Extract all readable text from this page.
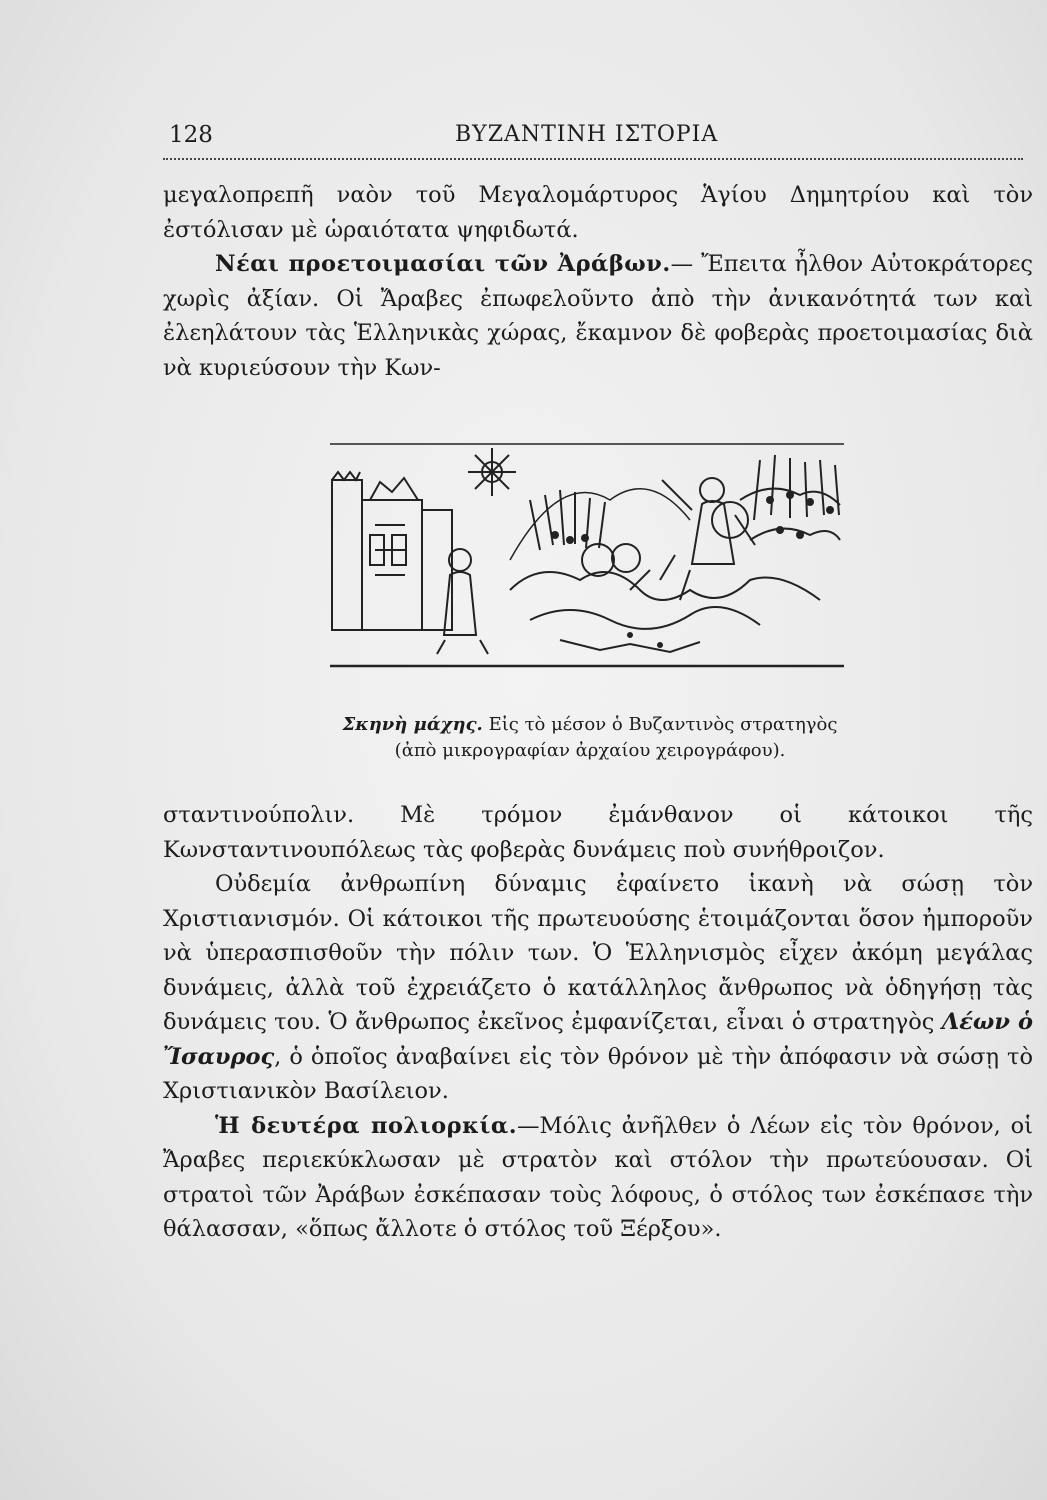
128	ΒΥΖΑΝΤΙΝΗ ΙΣΤΟΡΙΑ

μεγαλοπρεπῆ ναὸν τοῦ Μεγαλομάρτυρος Ἁγίου Δημητρίου καὶ τὸν ἐστόλισαν μὲ ὡραιότατα ψηφιδωτά.

Νέαι προετοιμασίαι τῶν Ἀράβων.— Ἔπειτα ἦλθον Αὐτοκράτορες χωρὶς ἀξίαν. Οἱ Ἄραβες ἐπωφελοῦντο ἀπὸ τὴν ἀνικανότητά των καὶ ἐλεηλάτουν τὰς Ἑλληνικὰς χώρας, ἔκαμνον δὲ φοβερὰς προετοιμασίας διὰ νὰ κυριεύσουν τὴν Κων-

Σκηνὴ μάχης. Εἰς τὸ μέσον ὁ Βυζαντινὸς στρατηγὸς
(ἀπὸ μικρογραφίαν ἀρχαίου χειρογράφου).

σταντινούπολιν. Μὲ τρόμον ἐμάνθανον οἱ κάτοικοι τῆς Κωνσταντινουπόλεως τὰς φοβερὰς δυνάμεις ποὺ συνήθροιζον.

Οὐδεμία ἀνθρωπίνη δύναμις ἐφαίνετο ἱκανὴ νὰ σώσῃ τὸν Χριστιανισμόν. Οἱ κάτοικοι τῆς πρωτευούσης ἑτοιμάζονται ὅσον ἠμποροῦν νὰ ὑπερασπισθοῦν τὴν πόλιν των. Ὁ Ἑλληνισμὸς εἶχεν ἀκόμη μεγάλας δυνάμεις, ἀλλὰ τοῦ ἐχρειάζετο ὁ κατάλληλος ἄνθρωπος νὰ ὁδηγήσῃ τὰς δυνάμεις του. Ὁ ἄνθρωπος ἐκεῖνος ἐμφανίζεται, εἶναι ὁ στρατηγὸς Λέων ὁ Ἴσαυρος, ὁ ὁποῖος ἀναβαίνει εἰς τὸν θρόνον μὲ τὴν ἀπόφασιν νὰ σώσῃ τὸ Χριστιανικὸν Βασίλειον.

Ἡ δευτέρα πολιορκία.—Μόλις ἀνῆλθεν ὁ Λέων εἰς τὸν θρόνον, οἱ Ἄραβες περιεκύκλωσαν μὲ στρατὸν καὶ στόλον τὴν πρωτεύουσαν. Οἱ στρατοὶ τῶν Ἀράβων ἐσκέπασαν τοὺς λόφους, ὁ στόλος των ἐσκέπασε τὴν θάλασσαν, «ὅπως ἄλλοτε ὁ στόλος τοῦ Ξέρξου».
